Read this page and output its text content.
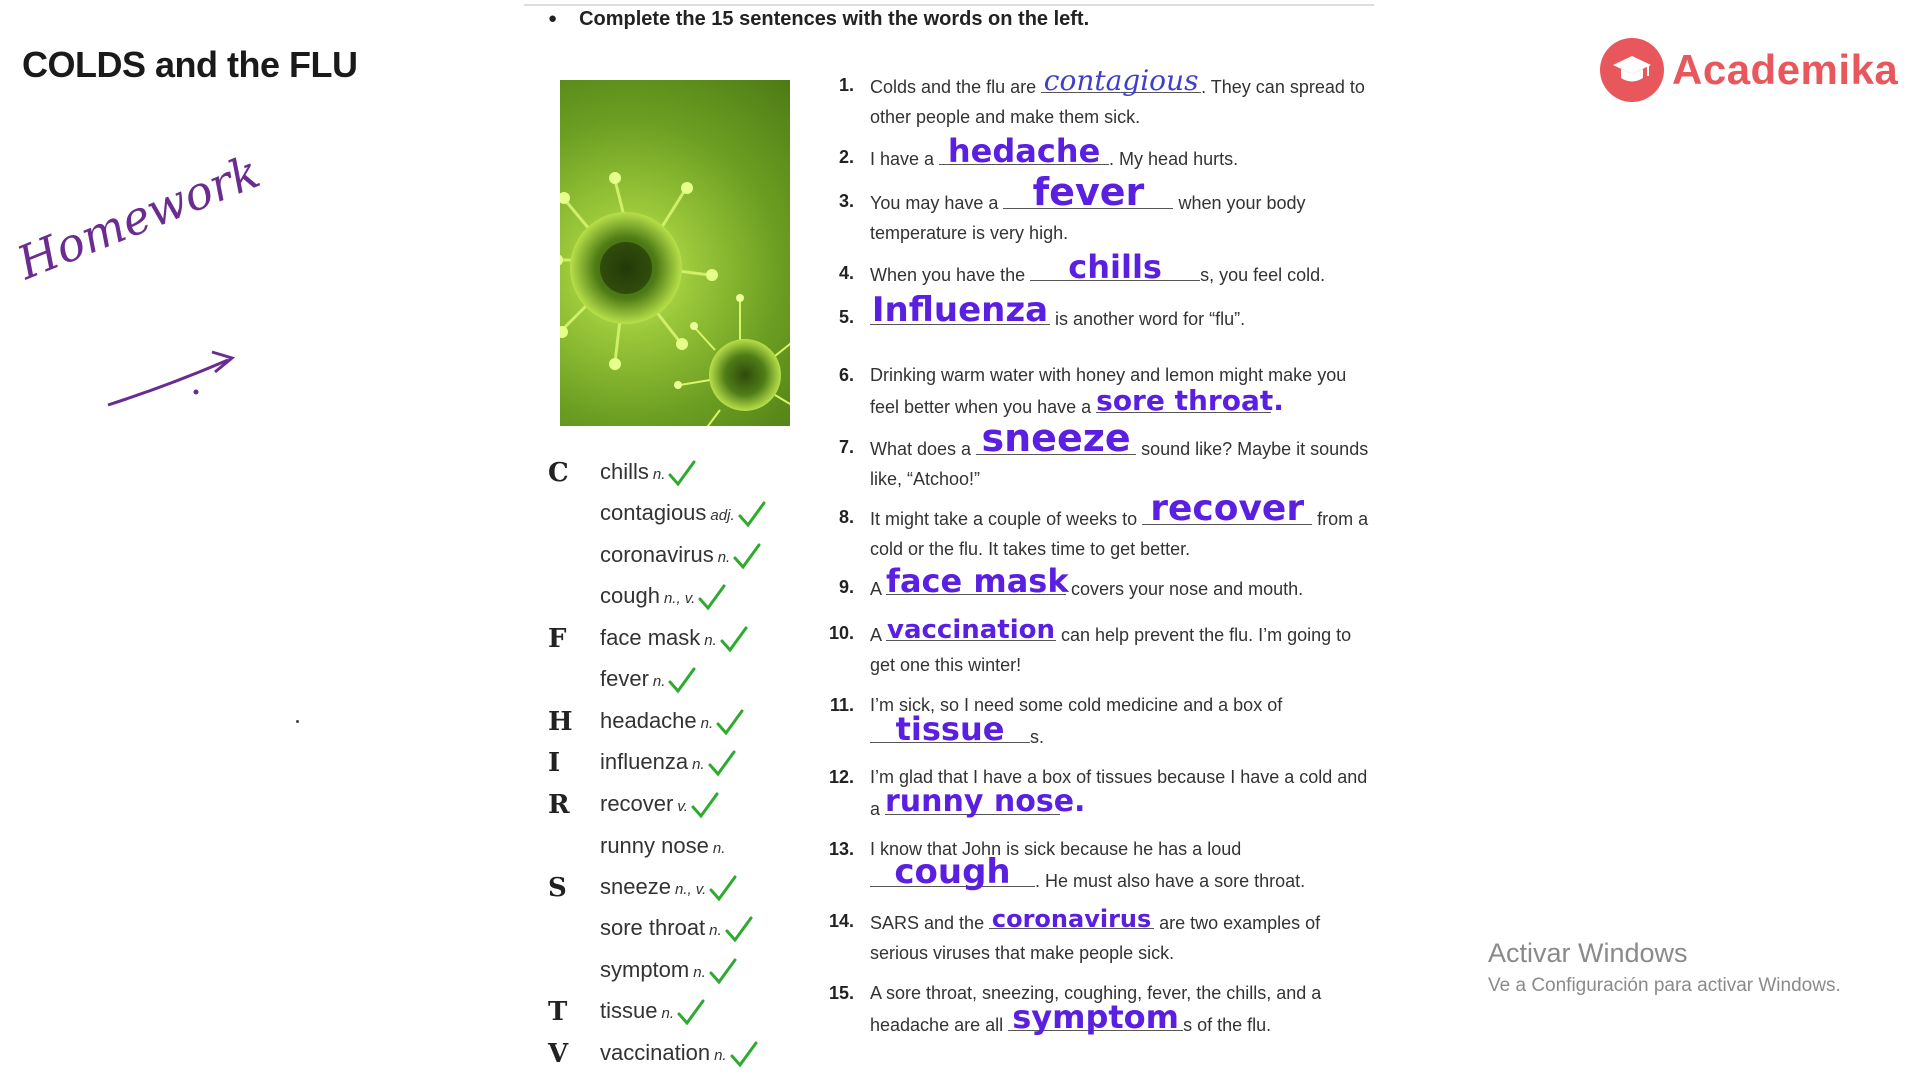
COLDS and the FLU
Homework
Academika
Activar Windows
Ve a Configuración para activar Windows.
● Complete the 15 sentences with the words on the left.
C	chills n.
contagious adj.
coronavirus n.
cough n., v.
F	face mask n.
fever n.
H headache n.
I	influenza n.
R	recover v.
runny nose n.
S	sneeze n., v.
sore throat n.
symptom n.
T	tissue n.
V	vaccination n.
1. Colds and the flu are contagious . They can spread to other people and make them sick.
2. I have a hedache . My head hurts.
3. You may have a fever	when your body temperature is very high.
4. When you have the	chills	s, you feel cold.
5. Influenza is another word for “flu”.
6. Drinking warm water with honey and lemon might make you feel better when you have a sore throat.
7. What does a sneeze sound like? Maybe it sounds like, “Atchoo!”
8. It might take a couple of weeks to recover from a cold or the flu. It takes time to get better.
9. A face mask
covers your nose and mouth.
10. A vaccination can help prevent the flu. I’m going to get one this winter!
11. I’m sick, so I need some cold medicine and a box of
tissue	s.
12. I’m glad that I have a box of tissues because I have a cold and a runny nose.
13. I know that John is sick because he has a loud
cough	. He must also have a sore throat.
14. SARS and the coronavirus are two examples of serious viruses that make people sick.
15. A sore throat, sneezing, coughing, fever, the chills, and a headache are all symptom s of the flu.
